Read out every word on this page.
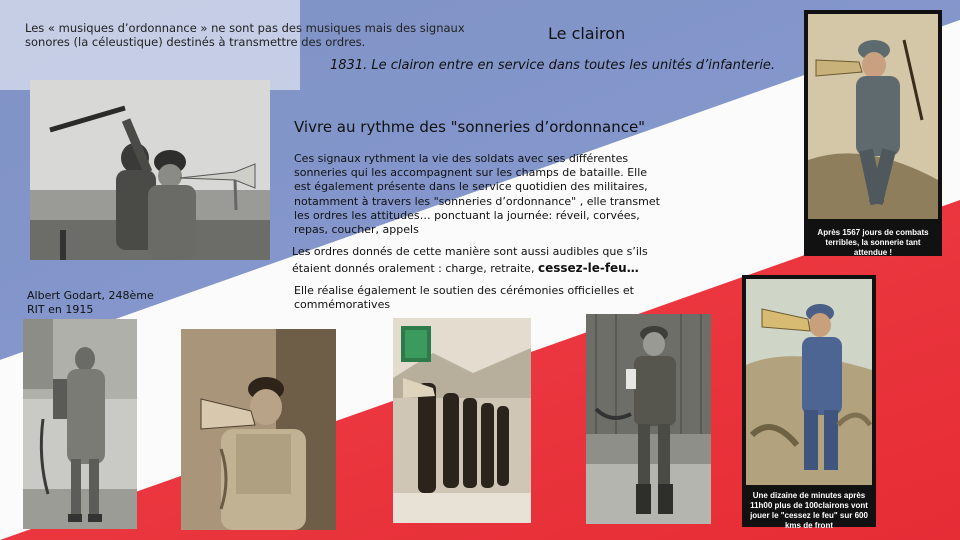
Les « musiques d’ordonnance » ne sont pas des musiques mais des signaux sonores (la céleustique) destinés à transmettre des ordres.	Le clairon
1831. Le clairon entre en service dans toutes les unités d’infanterie.
Vivre au rythme des "sonneries d’ordonnance"
Ces signaux rythment la vie des soldats avec ses différentes sonneries qui les accompagnent sur les champs de bataille. Elle est également présente dans le service quotidien des militaires, notamment à travers les "sonneries d’ordonnance" , elle transmet les ordres les attitudes… ponctuant la journée: réveil, corvées, repas, coucher, appels
Les ordres donnés de cette manière sont aussi audibles que s’ils étaient donnés oralement : charge, retraite, cessez-le-feu…
Elle réalise également le soutien des cérémonies officielles et commémoratives
Albert Godart, 248ème RIT en 1915
Après 1567 jours de combats terribles, la sonnerie tant attendue !
Une dizaine de minutes après 11h00 plus de 100clairons vont jouer le "cessez le feu" sur 600 kms de front
